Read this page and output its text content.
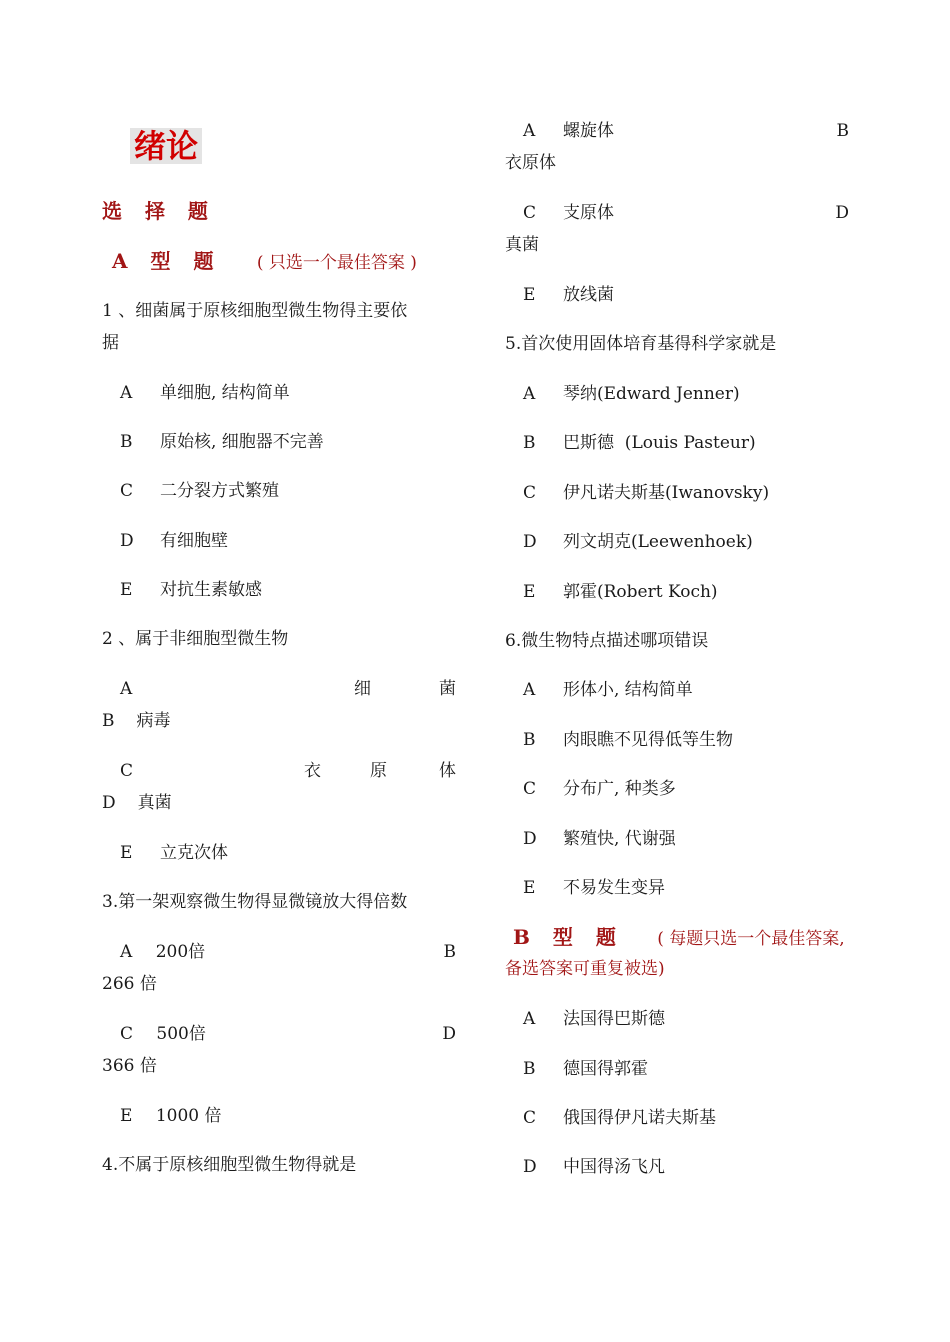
绪论
选 择 题
A 型 题 ( 只选一个最佳答案 )
1 、细菌属于原核细胞型微生物得主要依
据
A 单细胞, 结构简单
B 原始核, 细胞器不完善
C 二分裂方式繁殖
D 有细胞壁
E 对抗生素敏感
2 、属于非细胞型微生物
A	细	菌
B 病毒
C	衣	原	体
D 真菌
E 立克次体
3.第一架观察微生物得显微镜放大得倍数
A 200倍	B
266 倍
C 500倍	D
366 倍
E 1000 倍
4.不属于原核细胞型微生物得就是
A 螺旋体	B
衣原体
C 支原体	D
真菌
E 放线菌
5.首次使用固体培育基得科学家就是
A 琴纳(Edward Jenner)
B 巴斯德  (Louis Pasteur)
C 伊凡诺夫斯基(Iwanovsky)
D 列文胡克(Leewenhoek)
E 郭霍(Robert Koch)
6.微生物特点描述哪项错误
A 形体小, 结构简单
B 肉眼瞧不见得低等生物
C 分布广, 种类多
D 繁殖快, 代谢强
E 不易发生变异
B 型 题 ( 每题只选一个最佳答案,
备选答案可重复被选)
A 法国得巴斯德
B 德国得郭霍
C 俄国得伊凡诺夫斯基
D 中国得汤飞凡
